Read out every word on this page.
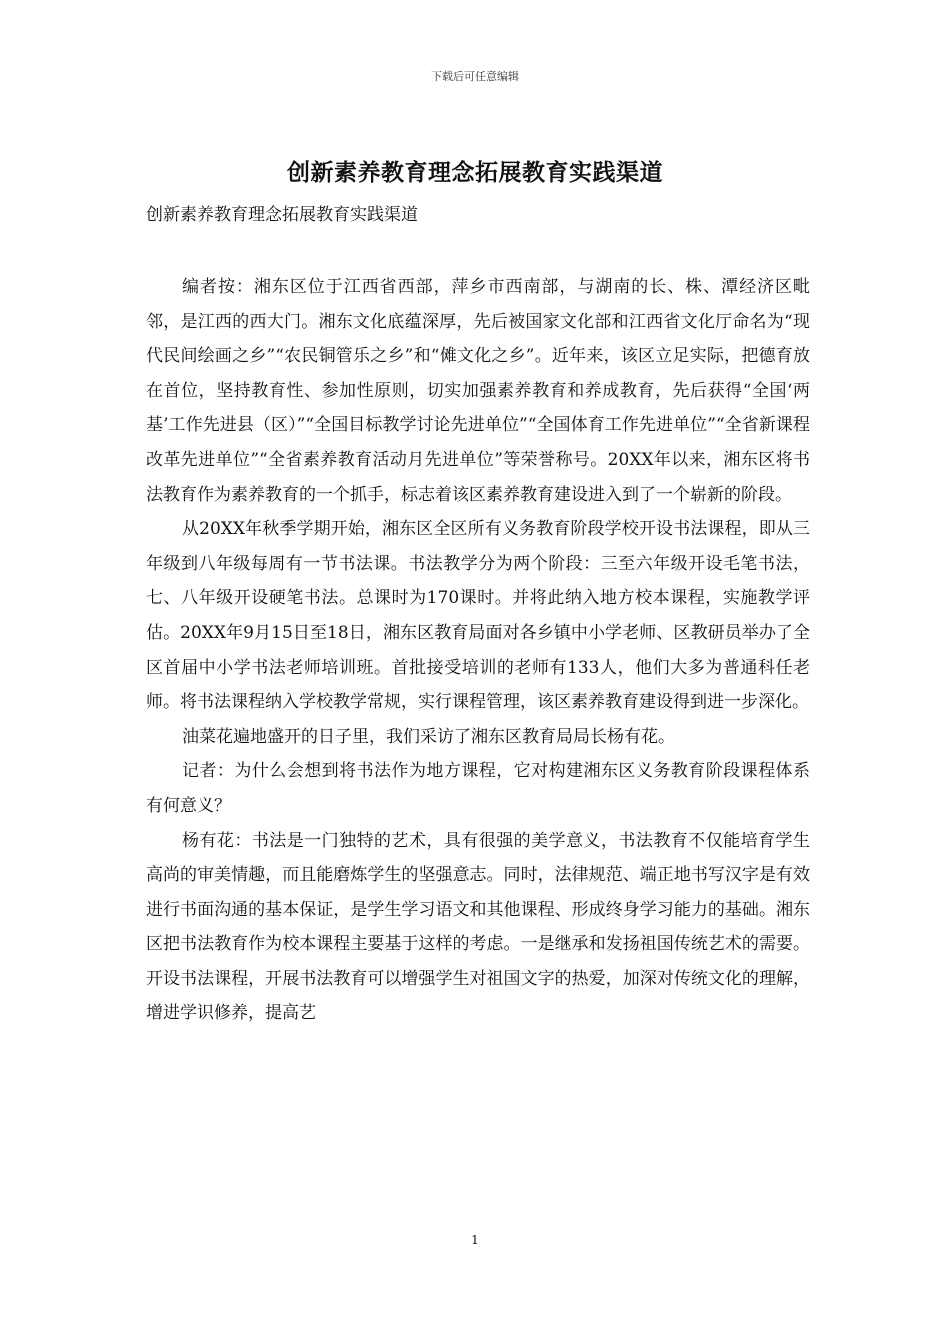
下载后可任意编辑
创新素养教育理念拓展教育实践渠道
创新素养教育理念拓展教育实践渠道

编者按：湘东区位于江西省西部，萍乡市西南部，与湖南的长、株、潭经济区毗邻，是江西的西大门。湘东文化底蕴深厚，先后被国家文化部和江西省文化厅命名为“现代民间绘画之乡”“农民铜管乐之乡”和“傩文化之乡”。近年来，该区立足实际，把德育放在首位，坚持教育性、参加性原则，切实加强素养教育和养成教育，先后获得“全国‘两基’工作先进县（区）”“全国目标教学讨论先进单位”“全国体育工作先进单位”“全省新课程改革先进单位”“全省素养教育活动月先进单位”等荣誉称号。20XX年以来，湘东区将书法教育作为素养教育的一个抓手，标志着该区素养教育建设进入到了一个崭新的阶段。

从20XX年秋季学期开始，湘东区全区所有义务教育阶段学校开设书法课程，即从三年级到八年级每周有一节书法课。书法教学分为两个阶段：三至六年级开设毛笔书法，七、八年级开设硬笔书法。总课时为170课时。并将此纳入地方校本课程，实施教学评估。20XX年9月15日至18日，湘东区教育局面对各乡镇中小学老师、区教研员举办了全区首届中小学书法老师培训班。首批接受培训的老师有133人，他们大多为普通科任老师。将书法课程纳入学校教学常规，实行课程管理，该区素养教育建设得到进一步深化。

油菜花遍地盛开的日子里，我们采访了湘东区教育局局长杨有花。

记者：为什么会想到将书法作为地方课程，它对构建湘东区义务教育阶段课程体系有何意义？

杨有花：书法是一门独特的艺术，具有很强的美学意义，书法教育不仅能培育学生高尚的审美情趣，而且能磨炼学生的坚强意志。同时，法律规范、端正地书写汉字是有效进行书面沟通的基本保证，是学生学习语文和其他课程、形成终身学习能力的基础。湘东区把书法教育作为校本课程主要基于这样的考虑。一是继承和发扬祖国传统艺术的需要。开设书法课程，开展书法教育可以增强学生对祖国文字的热爱，加深对传统文化的理解，增进学识修养，提高艺

1
